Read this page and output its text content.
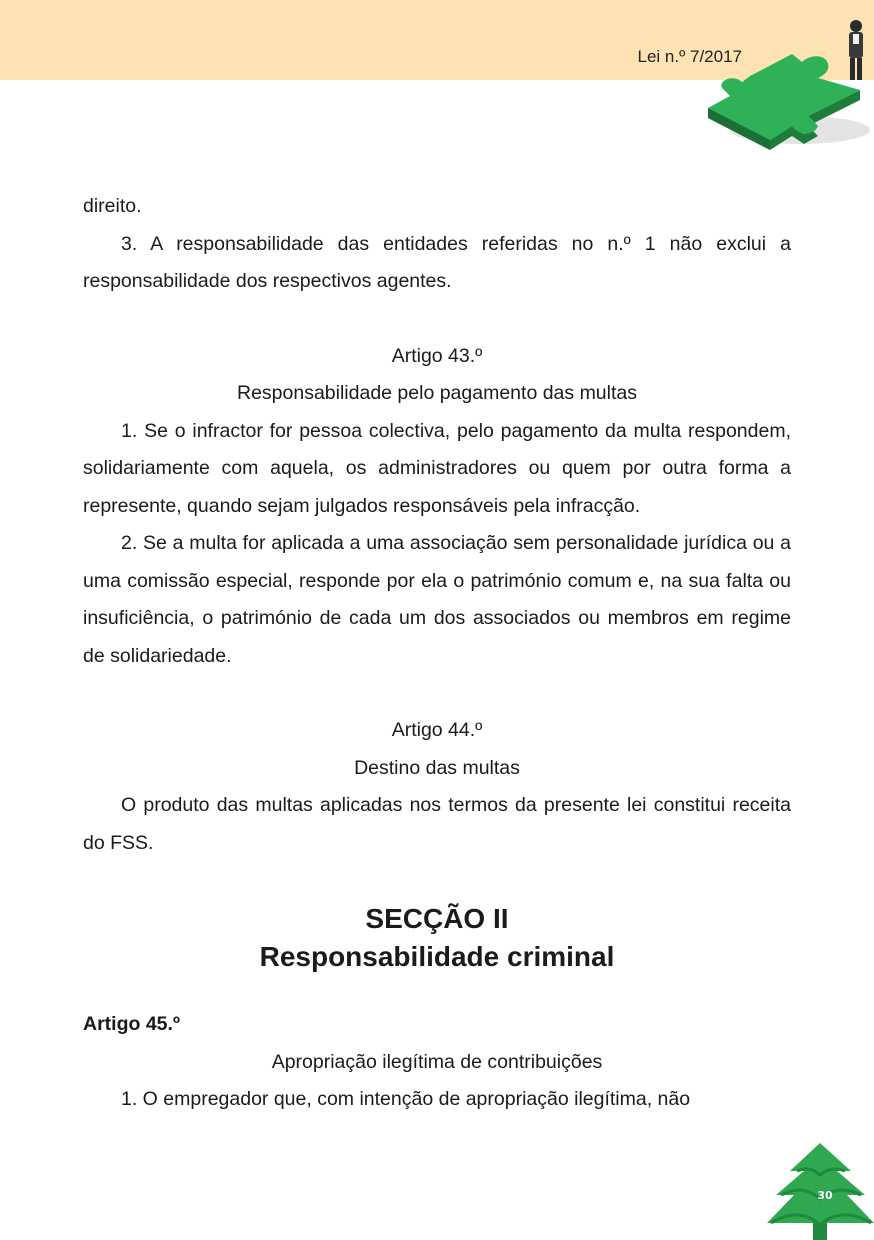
Lei n.º 7/2017

direito.

3. A responsabilidade das entidades referidas no n.º 1 não exclui a responsabilidade dos respectivos agentes.

Artigo 43.º

Responsabilidade pelo pagamento das multas

1. Se o infractor for pessoa colectiva, pelo pagamento da multa respondem, solidariamente com aquela, os administradores ou quem por outra forma a represente, quando sejam julgados responsáveis pela infracção.

2. Se a multa for aplicada a uma associação sem personalidade jurídica ou a uma comissão especial, responde por ela o património comum e, na sua falta ou insuficiência, o património de cada um dos associados ou membros em regime de solidariedade.

Artigo 44.º

Destino das multas

O produto das multas aplicadas nos termos da presente lei constitui receita do FSS.

SECÇÃO II
Responsabilidade criminal

Artigo 45.º

Apropriação ilegítima de contribuições

1. O empregador que, com intenção de apropriação ilegítima, não

30
